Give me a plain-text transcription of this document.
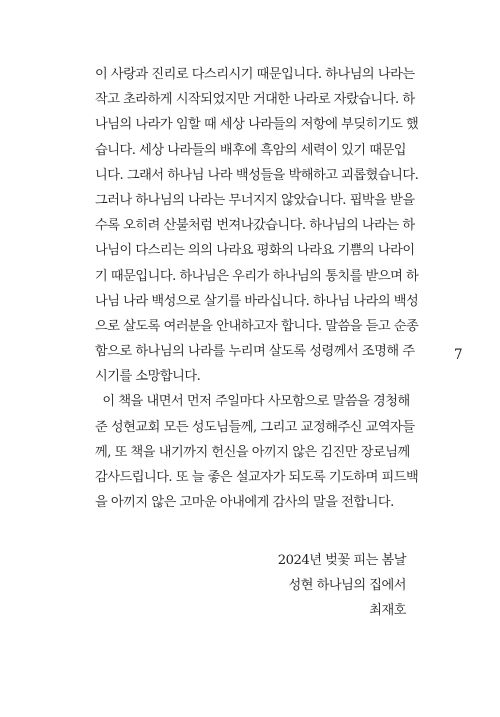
이 사랑과 진리로 다스리시기 때문입니다. 하나님의 나라는
작고 초라하게 시작되었지만 거대한 나라로 자랐습니다. 하
나님의 나라가 임할 때 세상 나라들의 저항에 부딪히기도 했
습니다. 세상 나라들의 배후에 흑암의 세력이 있기 때문입
니다. 그래서 하나님 나라 백성들을 박해하고 괴롭혔습니다.
그러나 하나님의 나라는 무너지지 않았습니다. 핍박을 받을
수록 오히려 산불처럼 번져나갔습니다. 하나님의 나라는 하
나님이 다스리는 의의 나라요 평화의 나라요 기쁨의 나라이
기 때문입니다. 하나님은 우리가 하나님의 통치를 받으며 하
나님 나라 백성으로 살기를 바라십니다. 하나님 나라의 백성
으로 살도록 여러분을 안내하고자 합니다. 말씀을 듣고 순종
함으로 하나님의 나라를 누리며 살도록 성령께서 조명해 주
시기를 소망합니다.
이 책을 내면서 먼저 주일마다 사모함으로 말씀을 경청해
준 성현교회 모든 성도님들께, 그리고 교정해주신 교역자들
께, 또 책을 내기까지 헌신을 아끼지 않은 김진만 장로님께
감사드립니다. 또 늘 좋은 설교자가 되도록 기도하며 피드백
을 아끼지 않은 고마운 아내에게 감사의 말을 전합니다.
2024년 벚꽃 피는 봄날
성현 하나님의 집에서
최재호
7
